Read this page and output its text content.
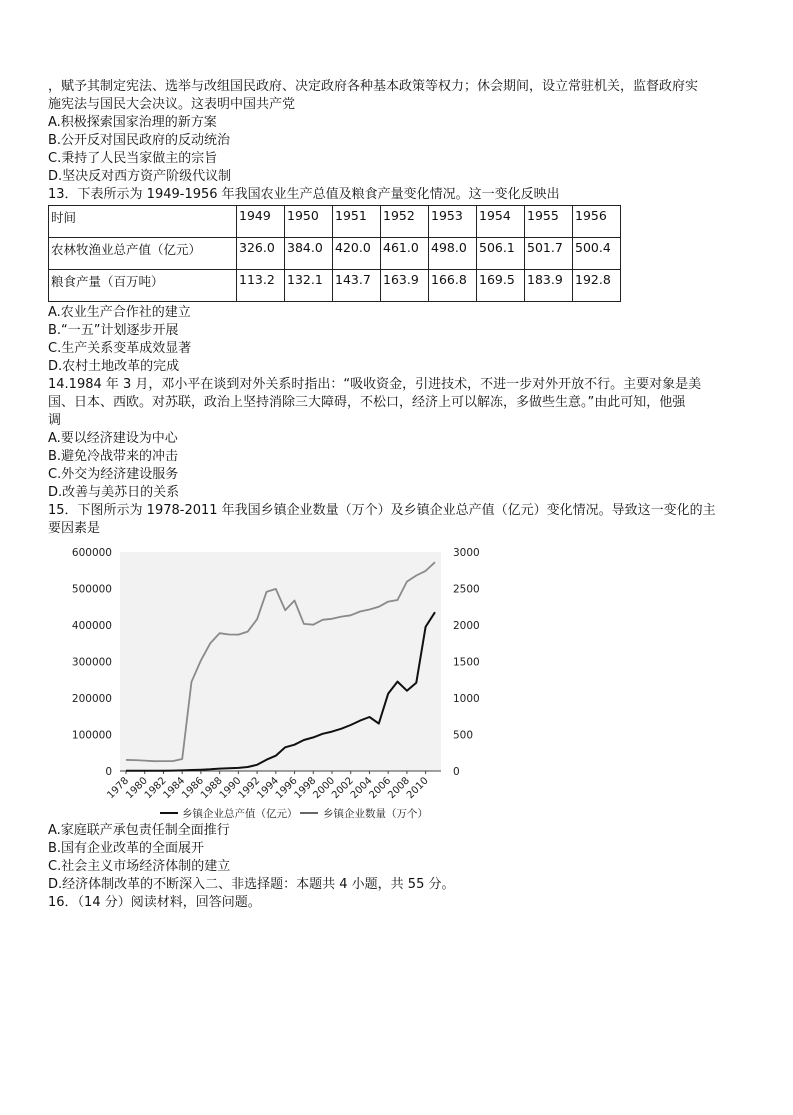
，赋予其制定宪法、选举与改组国民政府、决定政府各种基本政策等权力；休会期间，设立常驻机关，监督政府实
施宪法与国民大会决议。这表明中国共产党
A.积极探索国家治理的新方案
B.公开反对国民政府的反动统治
C.秉持了人民当家做主的宗旨
D.坚决反对西方资产阶级代议制
13．下表所示为 1949-1956 年我国农业生产总值及粮食产量变化情况。这一变化反映出
时间	1949	1950	1951	1952	1953	1954	1955	1956
农林牧渔业总产值（亿元）	326.0	384.0	420.0	461.0	498.0	506.1	501.7	500.4
粮食产量（百万吨）	113.2	132.1	143.7	163.9	166.8	169.5	183.9	192.8
A.农业生产合作社的建立
B.“一五”计划逐步开展
C.生产关系变革成效显著
D.农村土地改革的完成
14.1984 年 3 月，邓小平在谈到对外关系时指出：“吸收资金，引进技术，不进一步对外开放不行。主要对象是美
国、日本、西欧。对苏联，政治上坚持消除三大障碍，不松口，经济上可以解冻，多做些生意。”由此可知，他强
调
A.要以经济建设为中心
B.避免冷战带来的冲击
C.外交为经济建设服务
D.改善与美苏日的关系
15．下图所示为 1978-2011 年我国乡镇企业数量（万个）及乡镇企业总产值（亿元）变化情况。导致这一变化的主
要因素是
600000
500000
400000
300000
200000
100000
0
3000
2500
2000
1500
1000
500
0
1978
1980
1982
1984
1986
1988
1990
1992
1994
1996
1998
2000
2002
2004
2006
2008
2010
乡镇企业总产值（亿元） 乡镇企业数量（万个）
A.家庭联产承包责任制全面推行
B.国有企业改革的全面展开
C.社会主义市场经济体制的建立
D.经济体制改革的不断深入二、非选择题：本题共 4 小题，共 55 分。
16．（14 分）阅读材料，回答问题。
